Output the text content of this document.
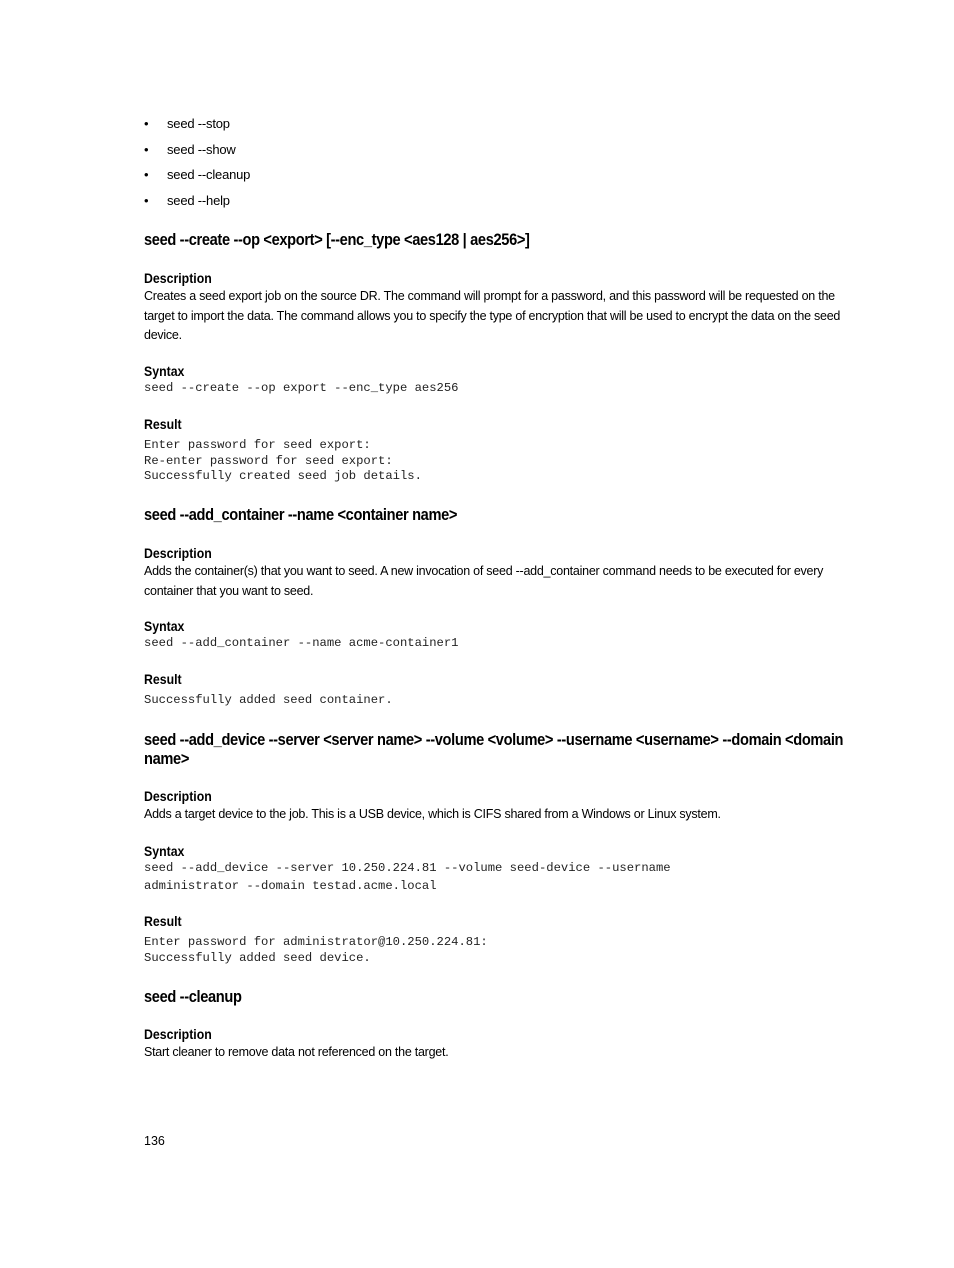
• seed --stop
• seed --show
• seed --cleanup
• seed --help
seed --create --op <export> [--enc_type <aes128 | aes256>]
Description

Creates a seed export job on the source DR. The command will prompt for a password, and this password will be requested on the target to import the data. The command allows you to specify the type of encryption that will be used to encrypt the data on the seed device.

Syntax
seed --create --op export --enc_type aes256
Result
Enter password for seed export:
Re-enter password for seed export:
Successfully created seed job details.
seed --add_container --name <container name>
Description

Adds the container(s) that you want to seed. A new invocation of seed --add_container command needs to be executed for every container that you want to seed.

Syntax
seed --add_container --name acme-container1
Result
Successfully added seed container.
seed --add_device --server <server name> --volume <volume> --username <username> --domain <domain name>
Description

Adds a target device to the job. This is a USB device, which is CIFS shared from a Windows or Linux system.

Syntax
seed --add_device --server 10.250.224.81 --volume seed-device --username
administrator --domain testad.acme.local
Result
Enter password for administrator@10.250.224.81:
Successfully added seed device.
seed --cleanup
Description

Start cleaner to remove data not referenced on the target.

136
